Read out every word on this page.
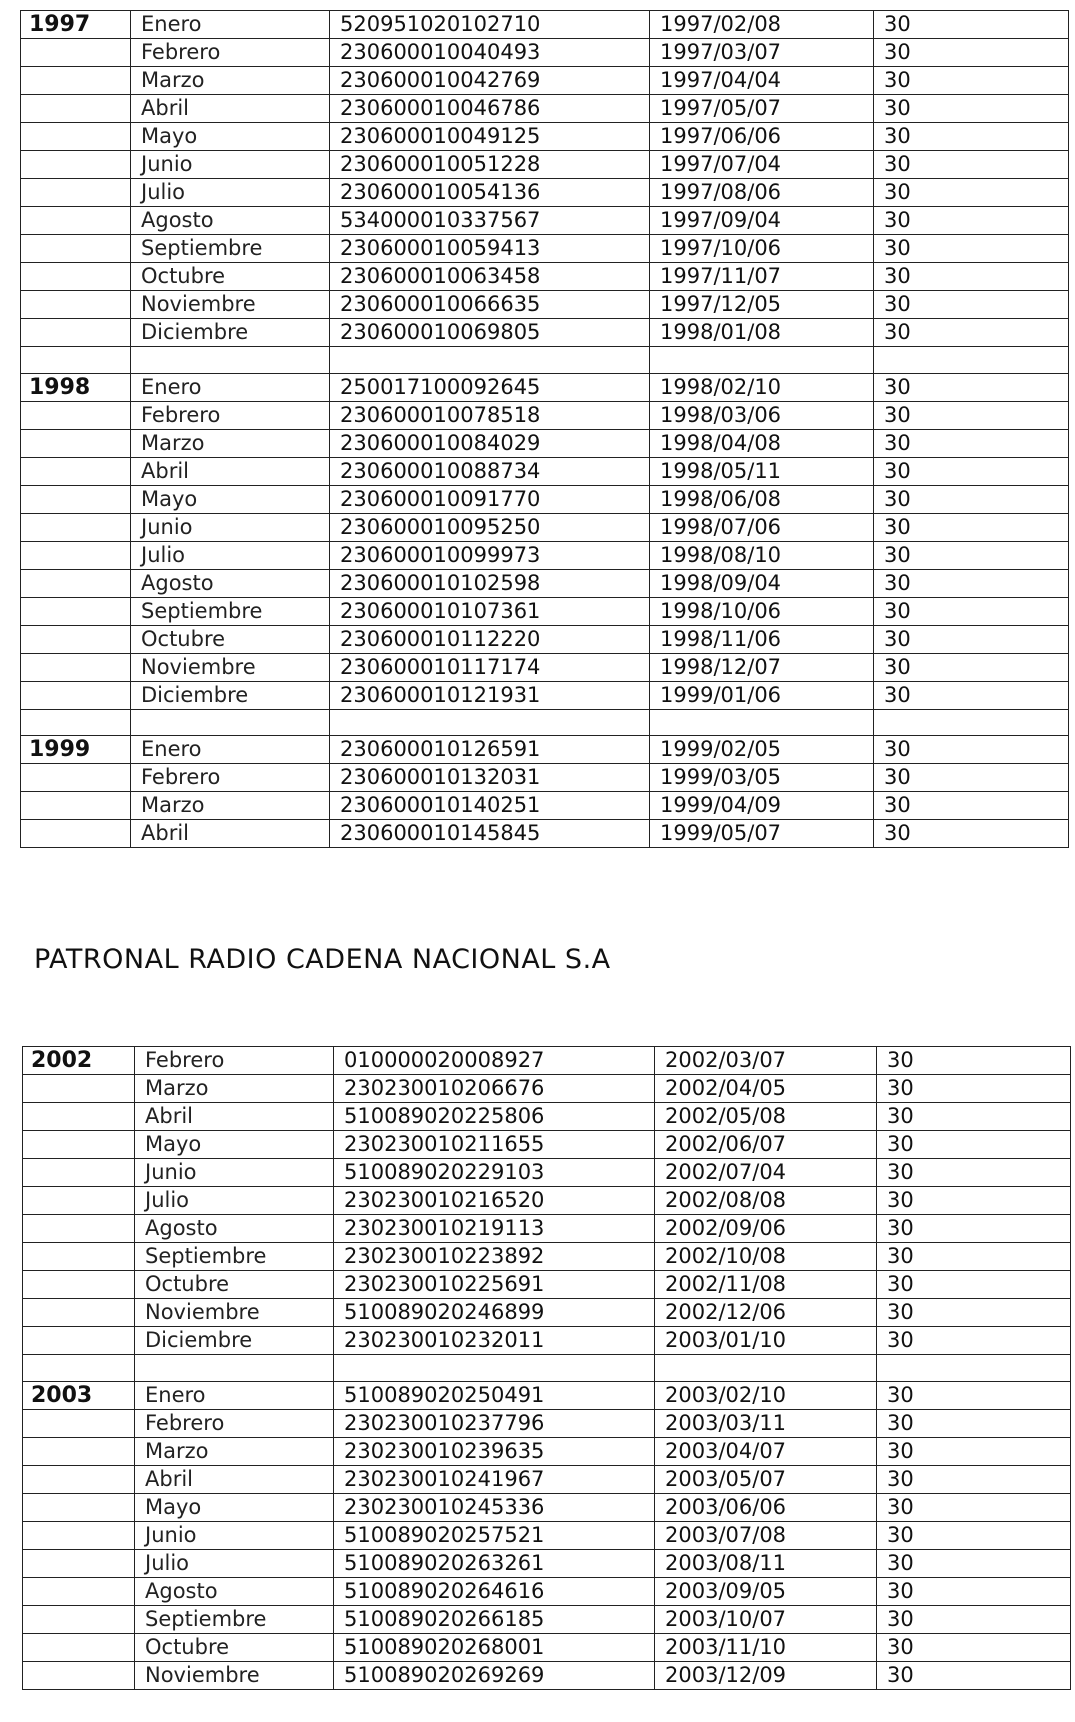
1997	Enero	520951020102710	1997/02/08	30
	Febrero	230600010040493	1997/03/07	30
	Marzo	230600010042769	1997/04/04	30
	Abril	230600010046786	1997/05/07	30
	Mayo	230600010049125	1997/06/06	30
	Junio	230600010051228	1997/07/04	30
	Julio	230600010054136	1997/08/06	30
	Agosto	534000010337567	1997/09/04	30
	Septiembre	230600010059413	1997/10/06	30
	Octubre	230600010063458	1997/11/07	30
	Noviembre	230600010066635	1997/12/05	30
	Diciembre	230600010069805	1998/01/08	30

1998	Enero	250017100092645	1998/02/10	30
	Febrero	230600010078518	1998/03/06	30
	Marzo	230600010084029	1998/04/08	30
	Abril	230600010088734	1998/05/11	30
	Mayo	230600010091770	1998/06/08	30
	Junio	230600010095250	1998/07/06	30
	Julio	230600010099973	1998/08/10	30
	Agosto	230600010102598	1998/09/04	30
	Septiembre	230600010107361	1998/10/06	30
	Octubre	230600010112220	1998/11/06	30
	Noviembre	230600010117174	1998/12/07	30
	Diciembre	230600010121931	1999/01/06	30

1999	Enero	230600010126591	1999/02/05	30
	Febrero	230600010132031	1999/03/05	30
	Marzo	230600010140251	1999/04/09	30
	Abril	230600010145845	1999/05/07	30
PATRONAL RADIO CADENA NACIONAL S.A
2002	Febrero	010000020008927	2002/03/07	30
	Marzo	230230010206676	2002/04/05	30
	Abril	510089020225806	2002/05/08	30
	Mayo	230230010211655	2002/06/07	30
	Junio	510089020229103	2002/07/04	30
	Julio	230230010216520	2002/08/08	30
	Agosto	230230010219113	2002/09/06	30
	Septiembre	230230010223892	2002/10/08	30
	Octubre	230230010225691	2002/11/08	30
	Noviembre	510089020246899	2002/12/06	30
	Diciembre	230230010232011	2003/01/10	30

2003	Enero	510089020250491	2003/02/10	30
	Febrero	230230010237796	2003/03/11	30
	Marzo	230230010239635	2003/04/07	30
	Abril	230230010241967	2003/05/07	30
	Mayo	230230010245336	2003/06/06	30
	Junio	510089020257521	2003/07/08	30
	Julio	510089020263261	2003/08/11	30
	Agosto	510089020264616	2003/09/05	30
	Septiembre	510089020266185	2003/10/07	30
	Octubre	510089020268001	2003/11/10	30
	Noviembre	510089020269269	2003/12/09	30
